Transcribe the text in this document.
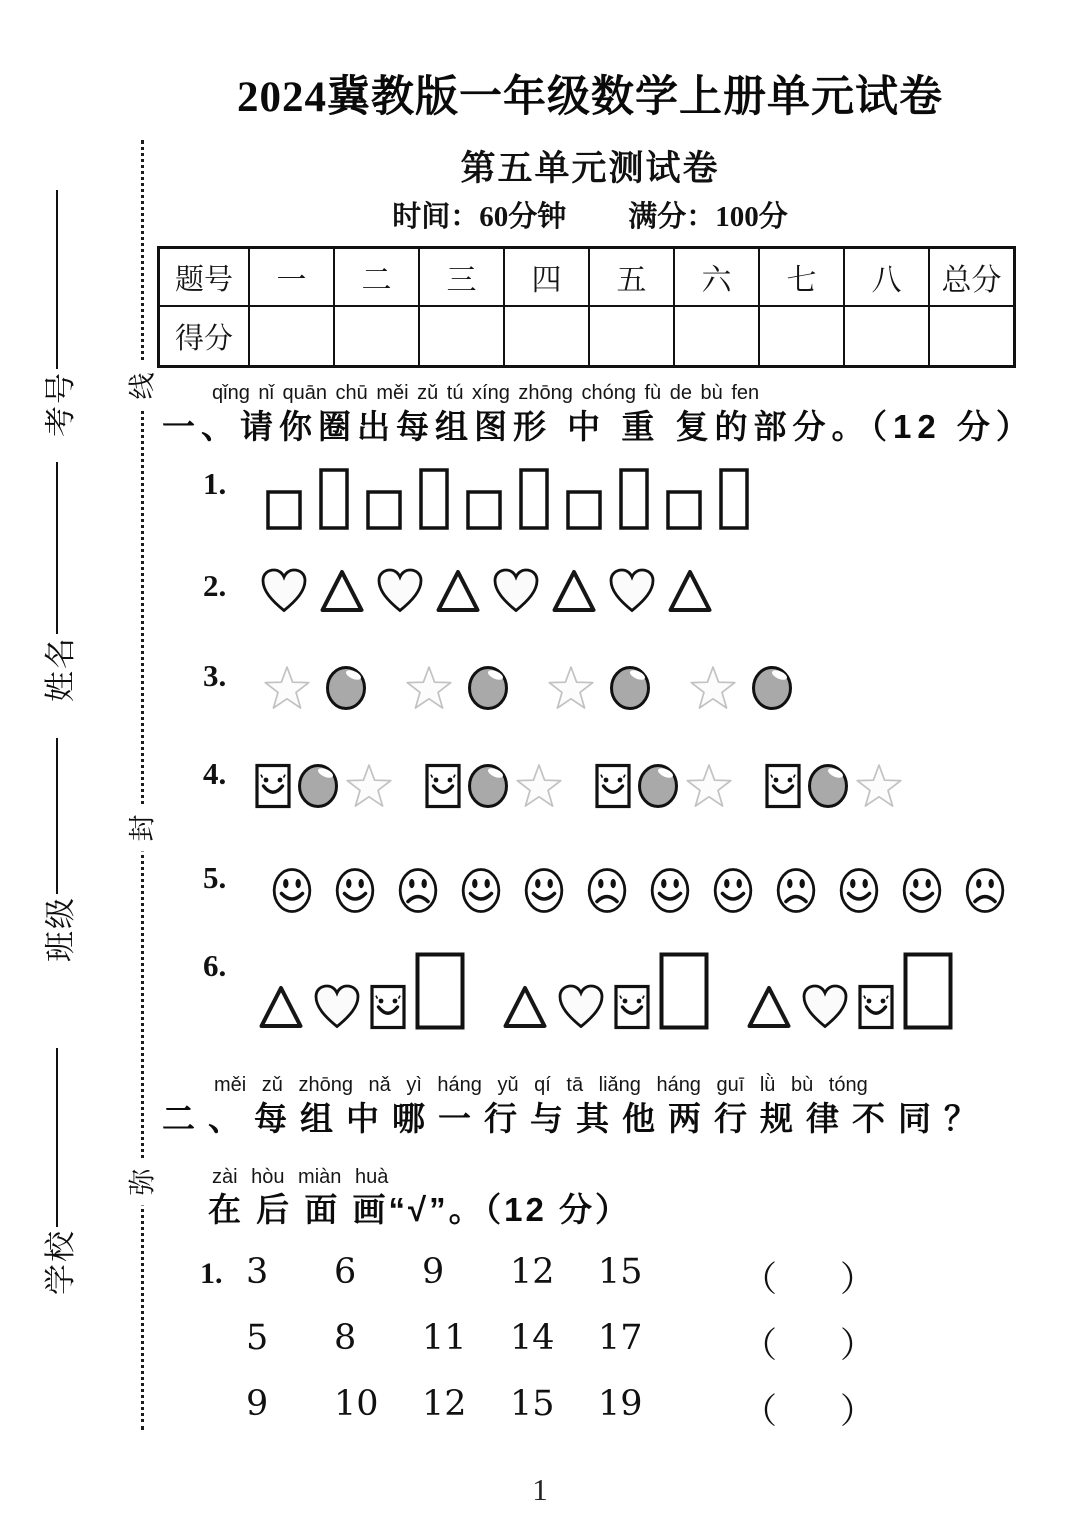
线
封
弥
考号
姓名
班级
学校
2024冀教版一年级数学上册单元试卷
第五单元测试卷
时间：60分钟 满分：100分
题号	一	二	三	四	五	六	七	八	总分
得分
qǐng nǐ quān chū měi zǔ tú xíng zhōng chóng fù de bù fen
一、请你圈出每组图形 中 重 复的部分。（12 分）
1.
2.
3.
4.
5.
6.
měi zǔ zhōng nǎ yì háng yǔ qí tā liǎng háng guī lǜ bù tóng
二、每组中哪一行与其他两行规律不同？
zài hòu miàn huà
在 后 面 画“√”。（12 分）
1. 3	6	9	12	15	（ ）
5	8	11	14	17	（ ）
9	10	12	15	19	（ ）
1
